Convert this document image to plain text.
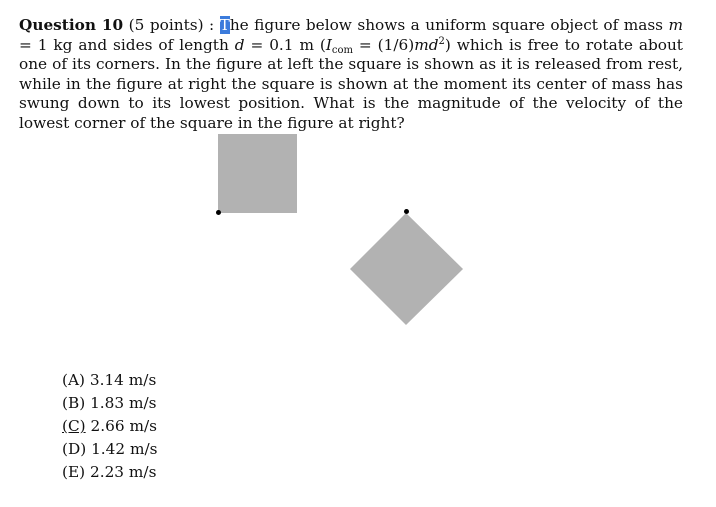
Question 10 (5 points) : The figure below shows a uniform square object of mass m = 1 kg and sides of length d = 0.1 m $(I_{com} = (1/6)md^2)$ which is free to rotate about one of its corners. In the figure at left the square is shown as it is released from rest, while in the figure at right the square is shown at the moment its center of mass has swung down to its lowest position. What is the magnitude of the velocity of the lowest corner of the square in the figure at right?
(A) 3.14 m/s
(B) 1.83 m/s
(C) 2.66 m/s
(D) 1.42 m/s
(E) 2.23 m/s
